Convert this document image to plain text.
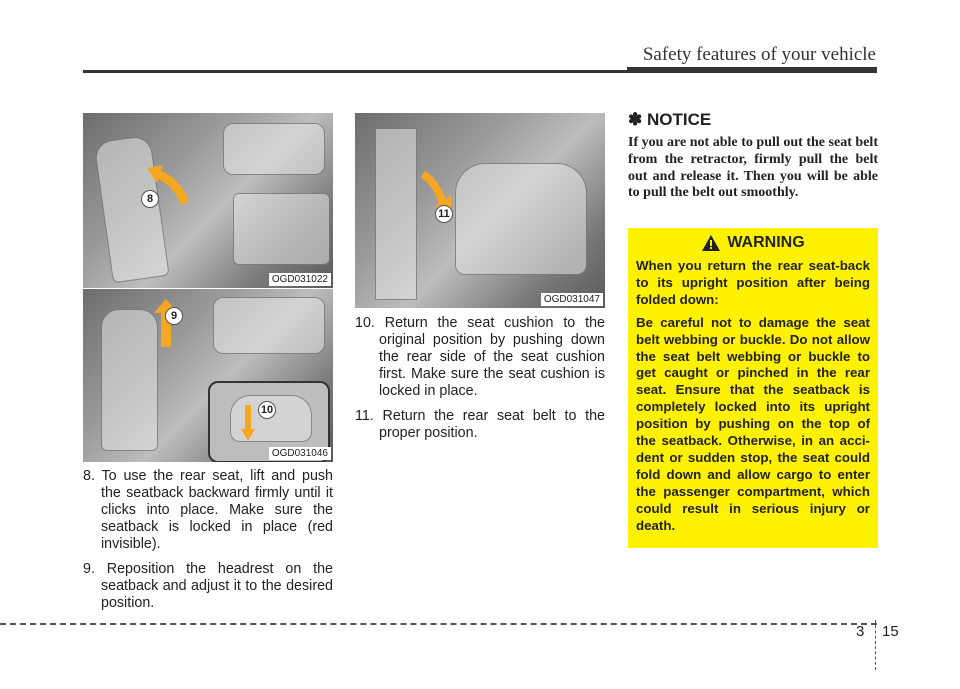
Safety features of your vehicle
8
OGD031022
9
10
OGD031046
11
OGD031047

8. To use the rear seat, lift and push the seatback backward firmly until it clicks into place. Make sure the seatback is locked in place (red invisible).

9. Reposition the headrest on the seatback and adjust it to the desired position.

10. Return the seat cushion to the original position by pushing down the rear side of the seat cushion first. Make sure the seat cushion is locked in place.

11. Return the rear seat belt to the proper position.

✽ NOTICE
If you are not able to pull out the seat belt from the retractor, firmly pull the belt out and release it. Then you will be able to pull the belt out smoothly.
WARNING

When you return the rear seat-back to its upright position after being folded down:

Be careful not to damage the seat belt webbing or buckle. Do not allow the seat belt webbing or buckle to get caught or pinched in the rear seat. Ensure that the seatback is completely locked into its upright position by pushing on the top of the seatback. Otherwise, in an acci-dent or sudden stop, the seat could fold down and allow cargo to enter the passenger compartment, which could result in serious injury or death.

3 15
